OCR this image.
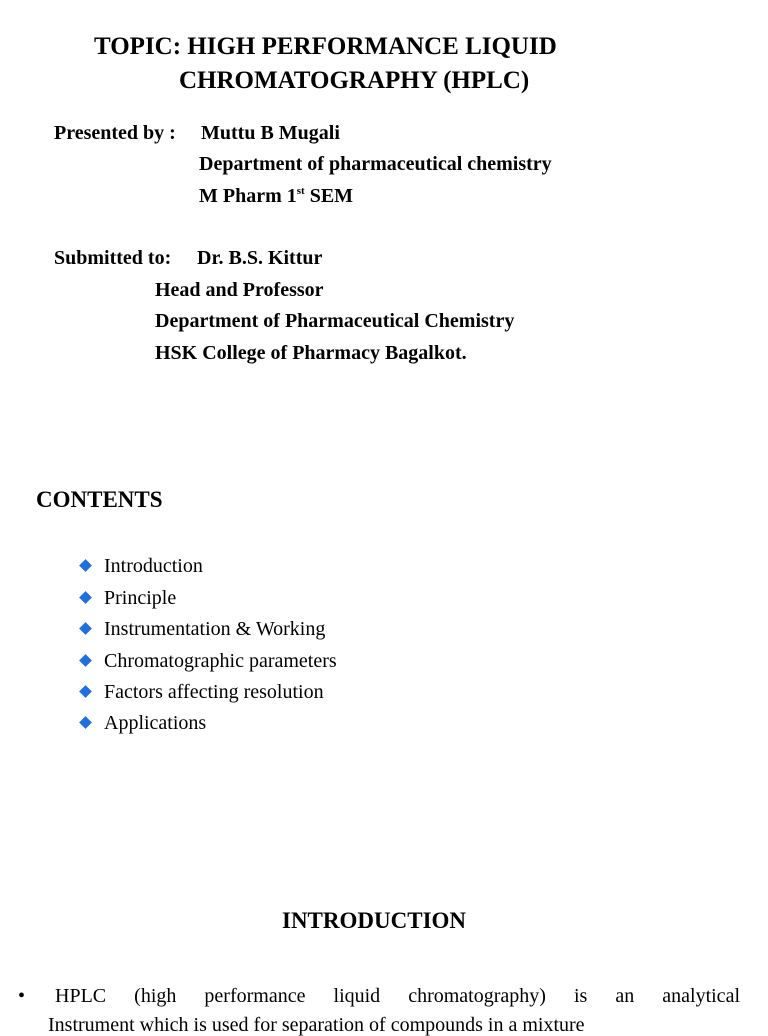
TOPIC: HIGH PERFORMANCE LIQUID
CHROMATOGRAPHY (HPLC)
Presented by : Muttu B Mugali
Department of pharmaceutical chemistry
M Pharm 1st SEM
Submitted to: Dr. B.S. Kittur
Head and Professor
Department of Pharmaceutical Chemistry
HSK College of Pharmacy Bagalkot.
CONTENTS
Introduction
Principle
Instrumentation & Working
Chromatographic parameters
Factors affecting resolution
Applications
INTRODUCTION
• HPLC (high performance liquid chromatography) is an analytical
Instrument which is used for separation of compounds in a mixture
